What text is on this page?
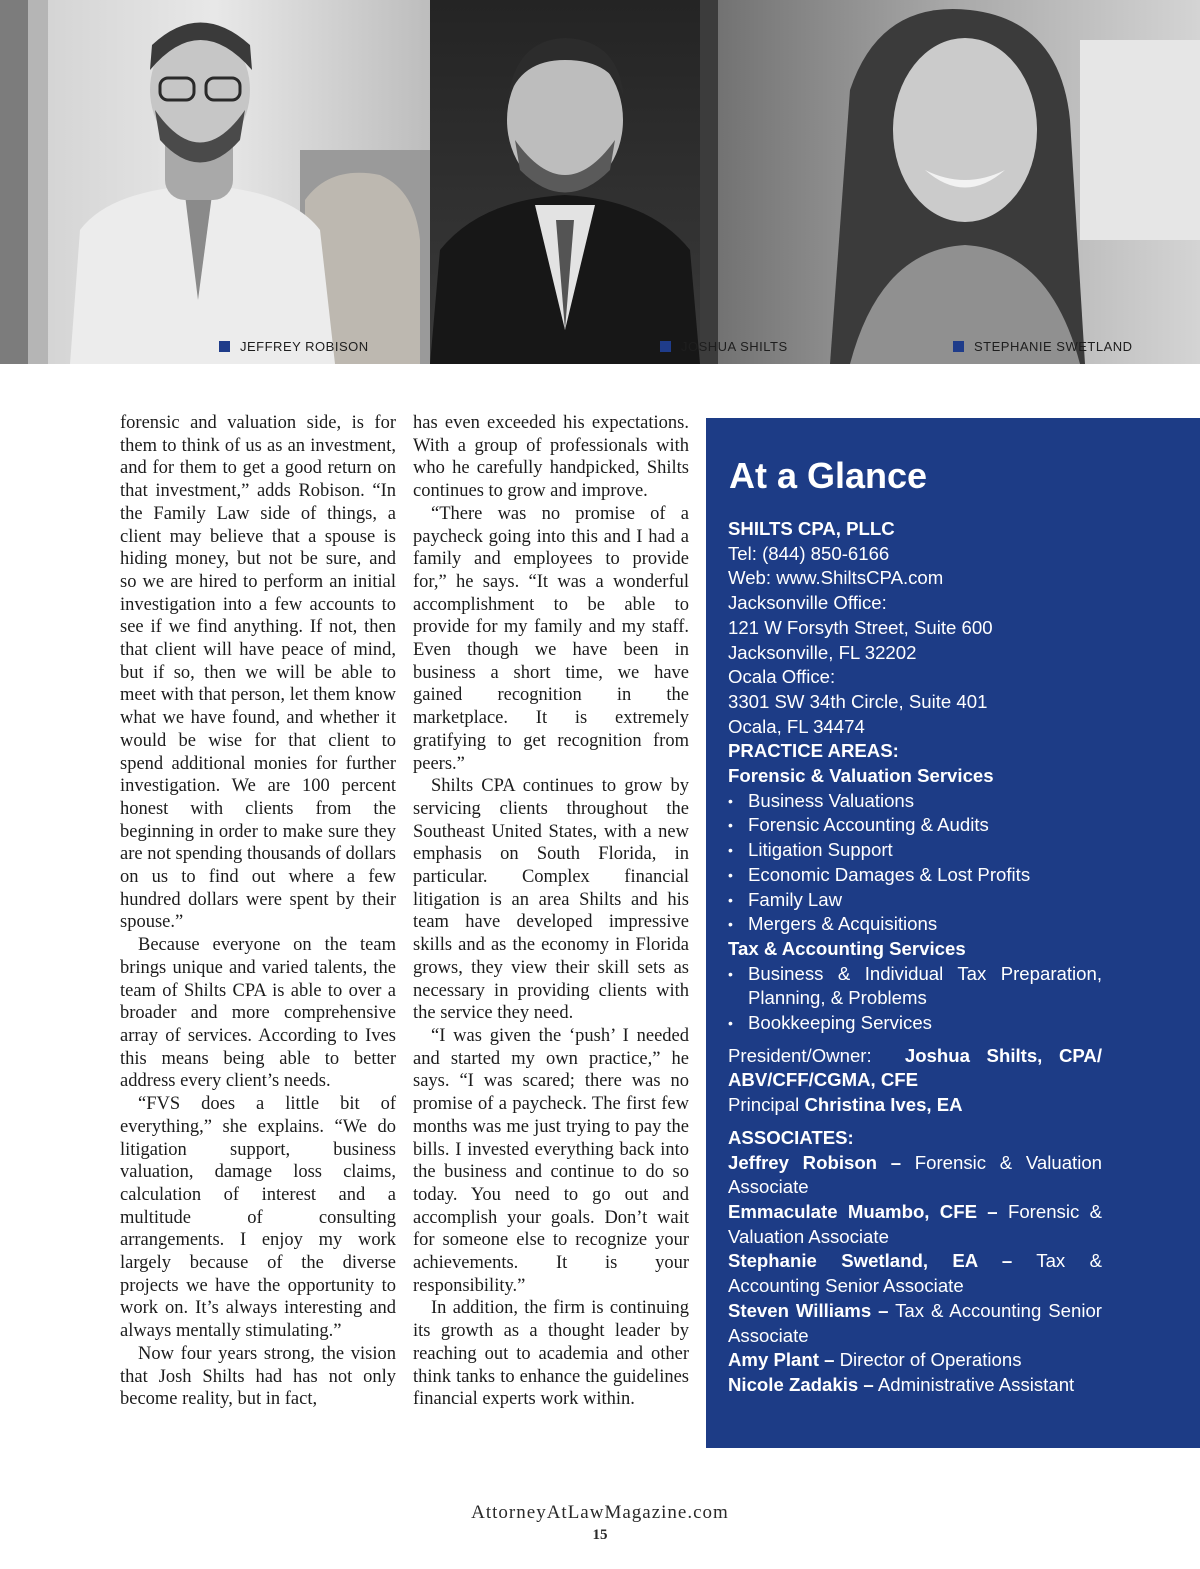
JEFFREY ROBISON	JOSHUA SHILTS	STEPHANIE SWETLAND

forensic and valuation side, is for them to think of us as an investment, and for them to get a good return on that investment,” adds Robison. “In the Family Law side of things, a client may believe that a spouse is hiding money, but not be sure, and so we are hired to perform an initial investigation into a few accounts to see if we find anything. If not, then that client will have peace of mind, but if so, then we will be able to meet with that person, let them know what we have found, and whether it would be wise for that client to spend additional monies for further investigation. We are 100 percent honest with clients from the beginning in order to make sure they are not spending thousands of dollars on us to find out where a few hundred dollars were spent by their spouse.”

Because everyone on the team brings unique and varied talents, the team of Shilts CPA is able to over a broader and more comprehensive array of services. According to Ives this means being able to better address every client’s needs.

“FVS does a little bit of everything,” she explains. “We do litigation support, business valuation, damage loss claims, calculation of interest and a multitude of consulting arrangements. I enjoy my work largely because of the diverse projects we have the opportunity to work on. It’s always interesting and always mentally stimulating.”

Now four years strong, the vision that Josh Shilts had has not only become reality, but in fact,

has even exceeded his expectations. With a group of professionals with who he carefully handpicked, Shilts continues to grow and improve.

“There was no promise of a paycheck going into this and I had a family and employees to provide for,” he says. “It was a wonderful accomplishment to be able to provide for my family and my staff. Even though we have been in business a short time, we have gained recognition in the marketplace. It is extremely gratifying to get recognition from peers.”

Shilts CPA continues to grow by servicing clients throughout the Southeast United States, with a new emphasis on South Florida, in particular. Complex financial litigation is an area Shilts and his team have developed impressive skills and as the economy in Florida grows, they view their skill sets as necessary in providing clients with the service they need.

“I was given the ‘push’ I needed and started my own practice,” he says. “I was scared; there was no promise of a paycheck. The first few months was me just trying to pay the bills. I invested everything back into the business and continue to do so today. You need to go out and accomplish your goals. Don’t wait for someone else to recognize your achievements. It is your responsibility.”

In addition, the firm is continuing its growth as a thought leader by reaching out to academia and other think tanks to enhance the guidelines financial experts work within.

At a Glance
SHILTS CPA, PLLC
Tel: (844) 850-6166
Web: www.ShiltsCPA.com
Jacksonville Office:
121 W Forsyth Street, Suite 600
Jacksonville, FL 32202
Ocala Office:
3301 SW 34th Circle, Suite 401
Ocala, FL 34474
PRACTICE AREAS:
Forensic & Valuation Services
• Business Valuations
• Forensic Accounting & Audits
• Litigation Support
• Economic Damages & Lost Profits
• Family Law
• Mergers & Acquisitions
Tax & Accounting Services
• Business & Individual Tax Preparation, Planning, & Problems
• Bookkeeping Services
President/Owner: Joshua Shilts, CPA/ ABV/CFF/CGMA, CFE
Principal Christina Ives, EA
ASSOCIATES:
Jeffrey Robison – Forensic & Valuation Associate
Emmaculate Muambo, CFE – Forensic & Valuation Associate
Stephanie Swetland, EA – Tax & Accounting Senior Associate
Steven Williams – Tax & Accounting Senior Associate
Amy Plant – Director of Operations
Nicole Zadakis – Administrative Assistant
AttorneyAtLawMagazine.com
15
